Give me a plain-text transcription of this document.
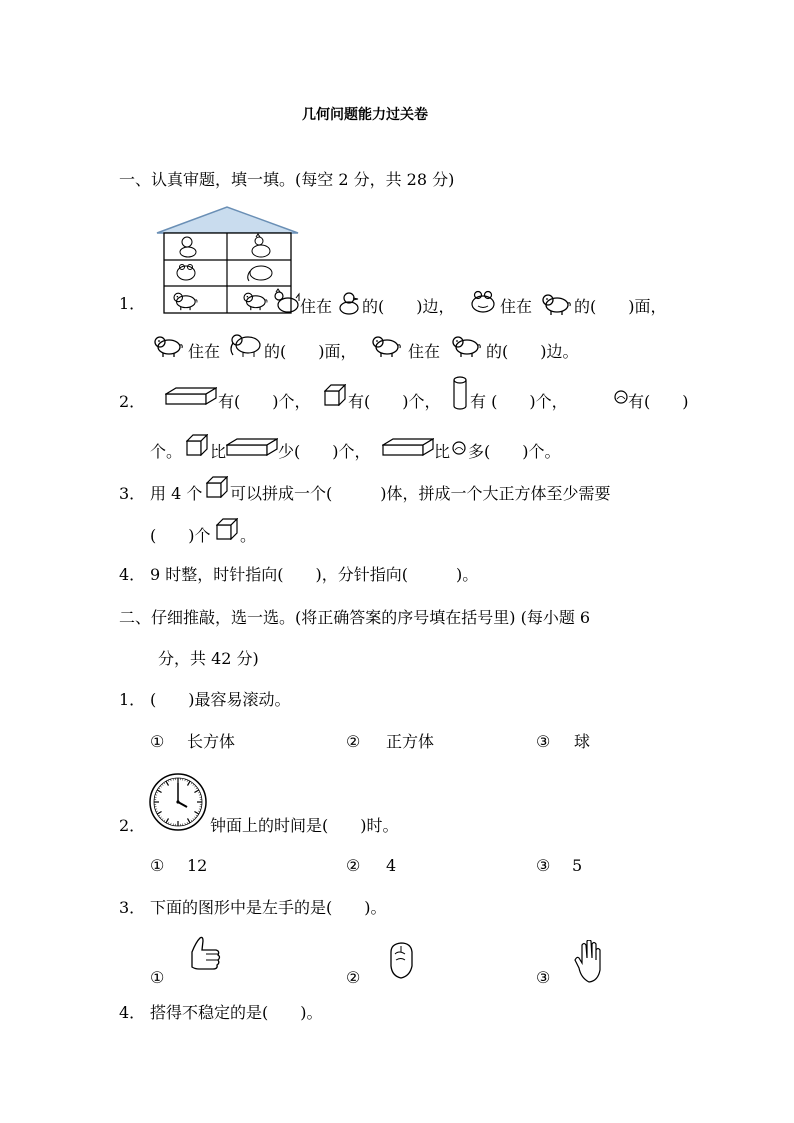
几何问题能力过关卷
一、认真审题，填一填。(每空 2 分，共 28 分)
1．	住在 的(　　)边，	住在	的(　　)面，
住在	的(　　)面，	住在	的(　　)边。
2．	有(　　)个， 有(　　)个， 有 (　　)个，	有(　　)
个。 比	少(　　)个，	比 多(　　)个。
3． 用 4 个 可以拼成一个(　　　)体，拼成一个大正方体至少需要
(　　)个 。
4． 9 时整，时针指向(　　)，分针指向(　　　)。
二、仔细推敲，选一选。(将正确答案的序号填在括号里) (每小题 6
分，共 42 分)
1． (　　)最容易滚动。
① 长方体	② 正方体	③ 球
2．	钟面上的时间是(　　)时。
① 12	② 4	③ 5
3． 下面的图形中是左手的是(　　)。
①	②	③
4． 搭得不稳定的是(　　)。
